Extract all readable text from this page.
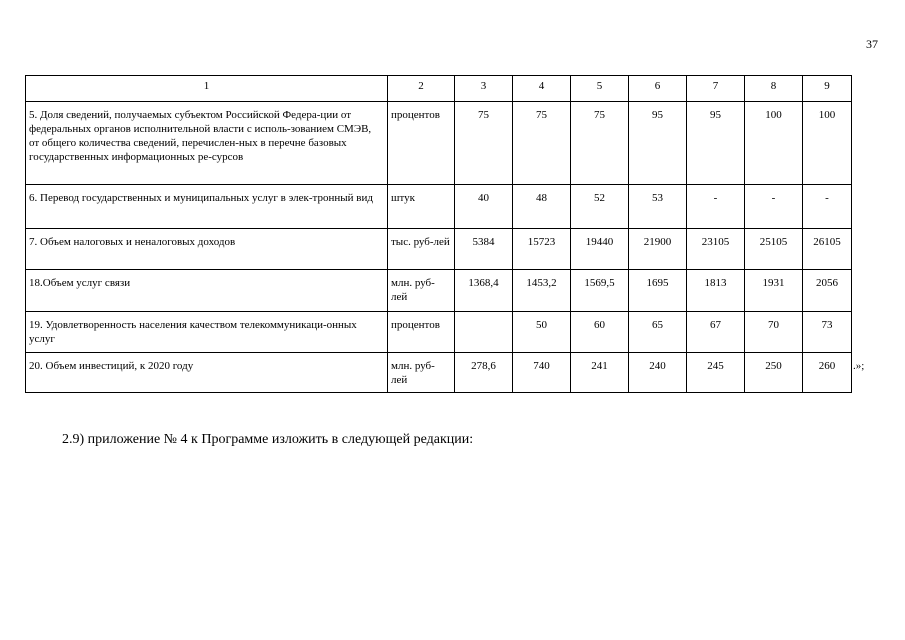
37
1	2	3	4	5	6	7	8	9
5. Доля сведений, получаемых субъектом Российской Федера-ции от федеральных органов исполнительной власти с исполь-зованием СМЭВ, от общего количества сведений, перечислен-ных в перечне базовых государственных информационных ре-сурсов	процентов	75	75	75	95	95	100	100
6. Перевод государственных и муниципальных услуг в элек-тронный вид	штук	40	48	52	53	-	-	-
7. Объем налоговых и неналоговых доходов	тыс. руб-лей	5384	15723	19440	21900	23105	25105	26105
18.Объем услуг связи	млн. руб-лей	1368,4	1453,2	1569,5	1695	1813	1931	2056
19. Удовлетворенность населения качеством телекоммуникаци-онных услуг	процентов		50	60	65	67	70	73
20. Объем инвестиций, к 2020 году	млн. руб-лей	278,6	740	241	240	245	250	260 .»;
2.9) приложение № 4 к Программе изложить в следующей редакции:
